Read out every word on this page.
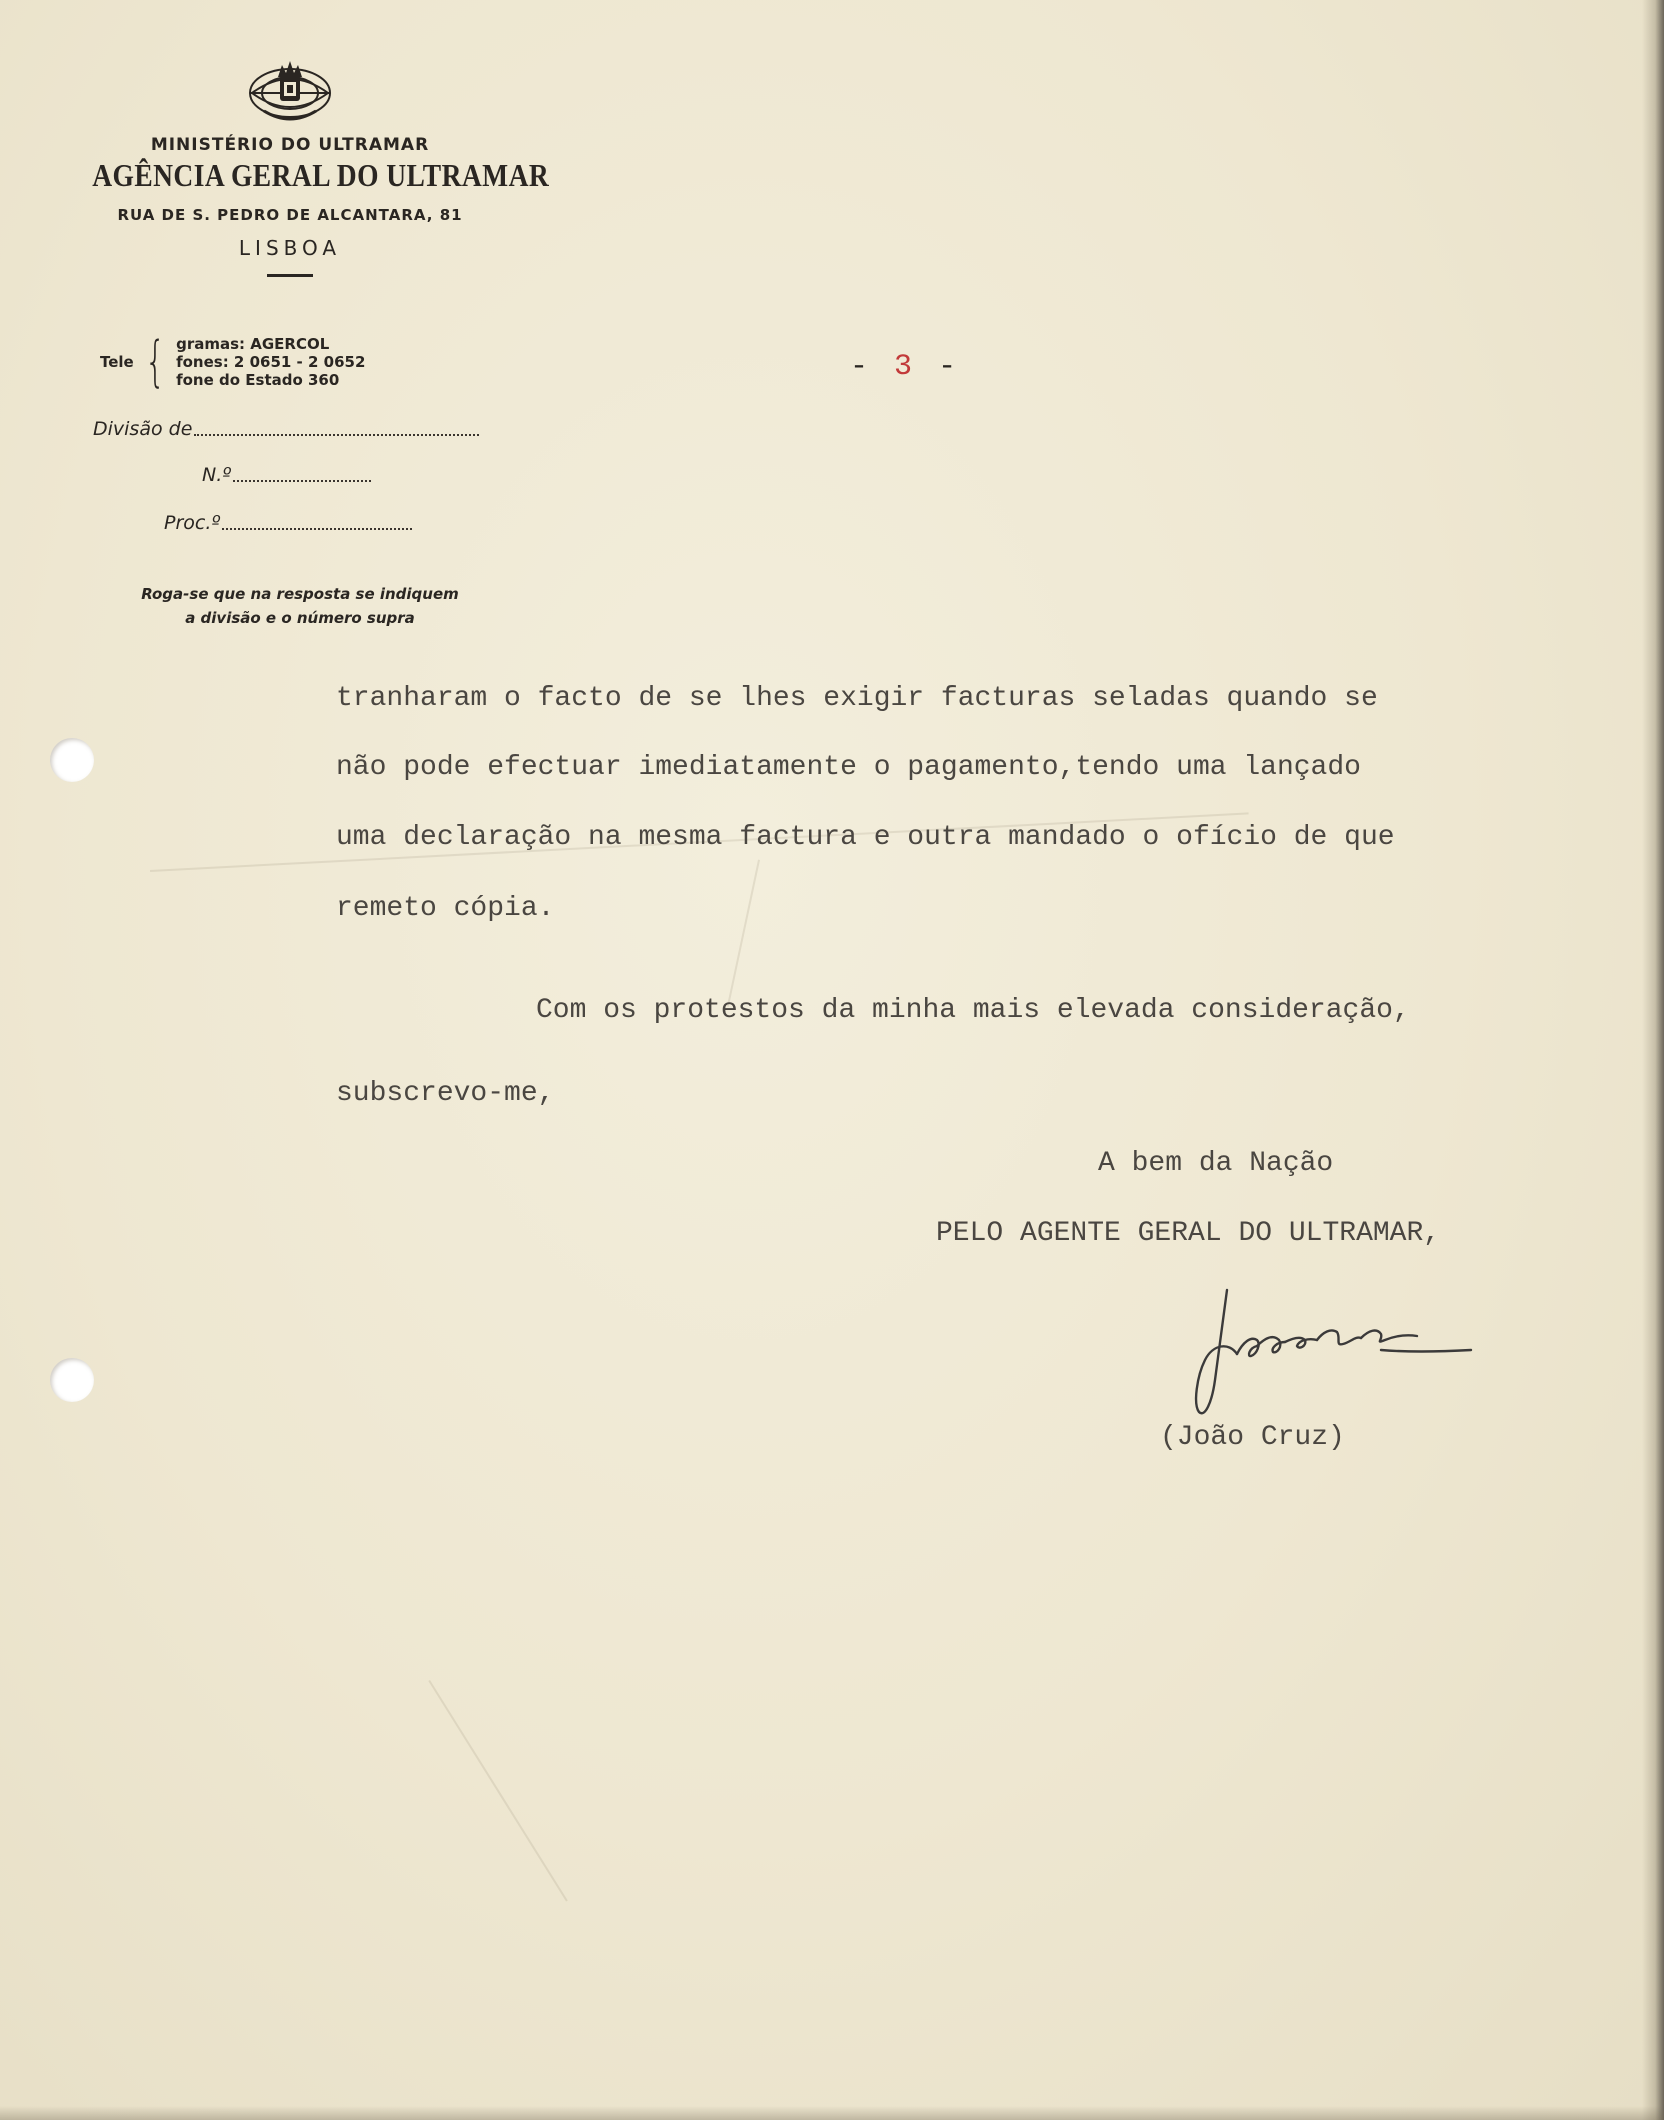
MINISTÉRIO DO ULTRAMAR
AGÊNCIA GERAL DO ULTRAMAR
RUA DE S. PEDRO DE ALCANTARA, 81
LISBOA
Tele { gramas: AGERCOL
fones: 2 0651 - 2 0652
fone do Estado 360
Divisão de
N.º
Proc.º
Roga-se que na resposta se indiquem
a divisão e o número supra
- 3 -
tranharam o facto de se lhes exigir facturas seladas quando se
não pode efectuar imediatamente o pagamento,tendo uma lançado
uma declaração na mesma factura e outra mandado o ofício de que
remeto cópia.
Com os protestos da minha mais elevada consideração,
subscrevo-me,
A bem da Nação
PELO AGENTE GERAL DO ULTRAMAR,
(João Cruz)
